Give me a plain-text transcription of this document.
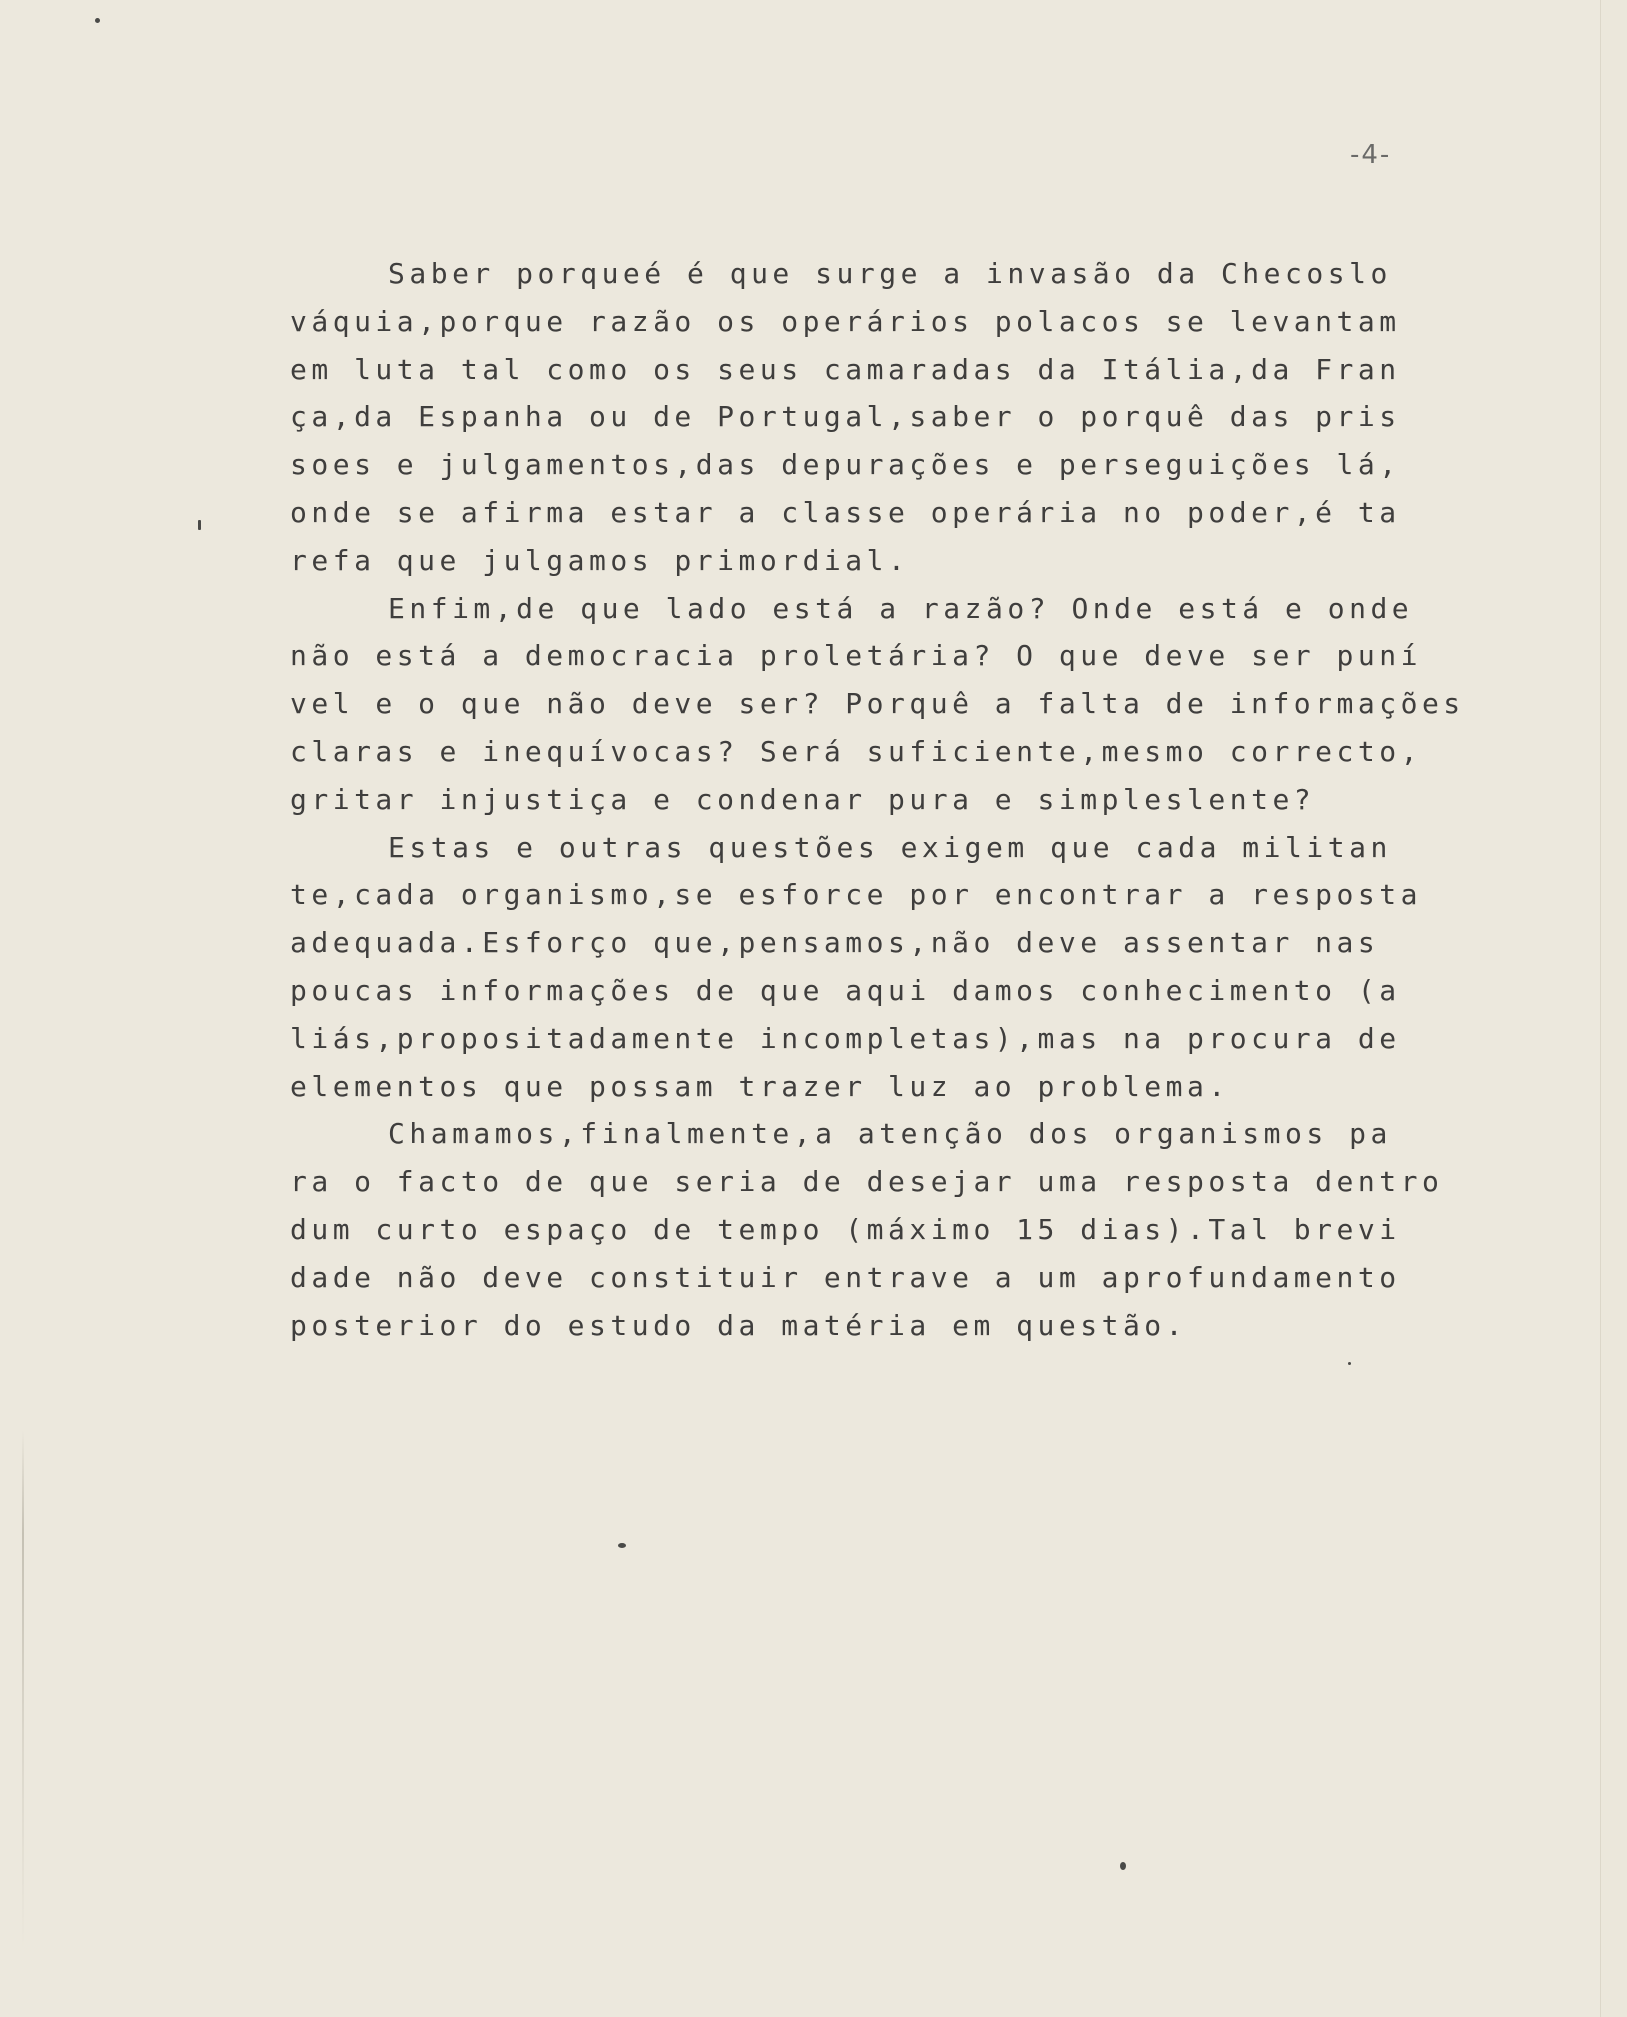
-4-
Saber porqueé é que surge a invasão da Checoslo
váquia,porque razão os operários polacos se levantam
em luta tal como os seus camaradas da Itália,da Fran
ça,da Espanha ou de Portugal,saber o porquê das pris
soes e julgamentos,das depurações e perseguições lá,
onde se afirma estar a classe operária no poder,é ta
refa que julgamos primordial.
Enfim,de que lado está a razão? Onde está e onde
não está a democracia proletária? O que deve ser puní
vel e o que não deve ser? Porquê a falta de informações
claras e inequívocas? Será suficiente,mesmo correcto,
gritar injustiça e condenar pura e simpleslente?
Estas e outras questões exigem que cada militan
te,cada organismo,se esforce por encontrar a resposta
adequada.Esforço que,pensamos,não deve assentar nas
poucas informações de que aqui damos conhecimento (a
liás,propositadamente incompletas),mas na procura de
elementos que possam trazer luz ao problema.
Chamamos,finalmente,a atenção dos organismos pa
ra o facto de que seria de desejar uma resposta dentro
dum curto espaço de tempo (máximo 15 dias).Tal brevi
dade não deve constituir entrave a um aprofundamento
posterior do estudo da matéria em questão.
